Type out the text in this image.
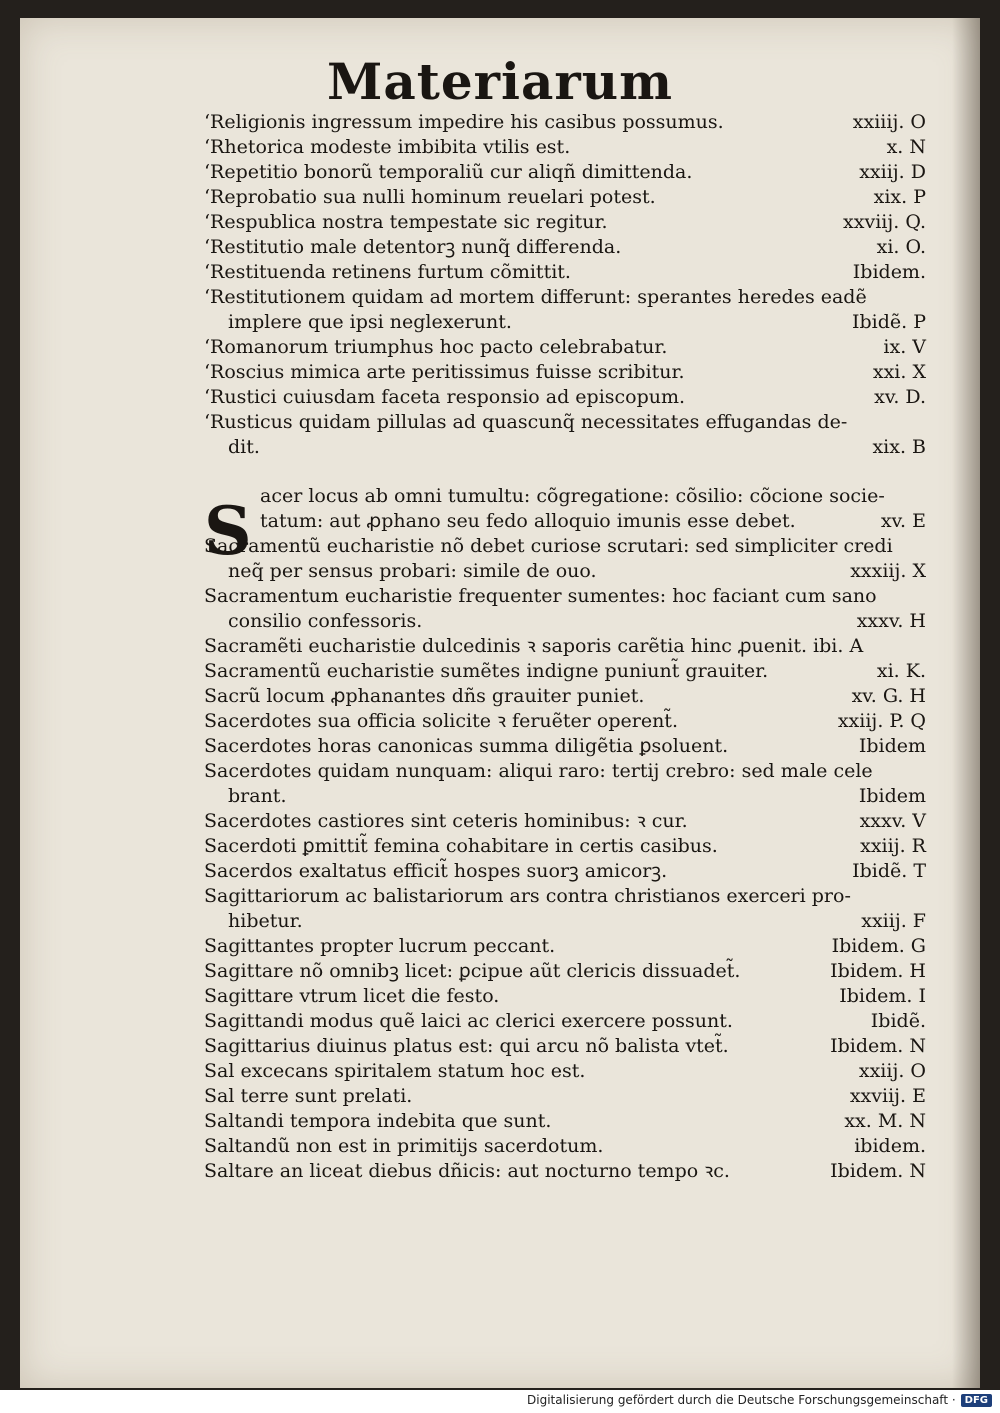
Materiarum
S
ʻReligionis ingressum impedire his casibus possumus.	xxiiij. O
ʻRhetorica modeste imbibita vtilis est.	x. N
ʻRepetitio bonorũ temporaliũ cur aliqñ dimittenda.	xxiij. D
ʻReprobatio sua nulli hominum reuelari potest.	xix. P
ʻRespublica nostra tempestate sic regitur.	xxviij. Q.
ʻRestitutio male detentorꝫ nunq̃ differenda.	xi. O.
ʻRestituenda retinens furtum cõmittit.	Ibidem.
ʻRestitutionem quidam ad mortem differunt: sperantes heredes eadẽ
implere que ipsi neglexerunt.	Ibidẽ. P
ʻRomanorum triumphus hoc pacto celebrabatur.	ix. V
ʻRoscius mimica arte peritissimus fuisse scribitur.	xxi. X
ʻRustici cuiusdam faceta responsio ad episcopum.	xv. D.
ʻRusticus quidam pillulas ad quascunq̃ necessitates effugandas de-
dit.	xix. B
acer locus ab omni tumultu: cõgregatione: cõsilio: cõcione socie-
tatum: aut ꝓphano seu fedo alloquio imunis esse debet.	xv. E
Sacramentũ eucharistie nõ debet curiose scrutari: sed simpliciter credi
neq̃ per sensus probari: simile de ouo.	xxxiij. X
Sacramentum eucharistie frequenter sumentes: hoc faciant cum sano
consilio confessoris.	xxxv. H
Sacramẽti eucharistie dulcedinis ꝛ saporis carẽtia hinc ꝓuenit. ibi. A
Sacramentũ eucharistie sumẽtes indigne puniunt̃ grauiter.	xi. K.
Sacrũ locum ꝓphanantes dñs grauiter puniet.	xv. G. H
Sacerdotes sua officia solicite ꝛ feruẽter operent̃.	xxiij. P. Q
Sacerdotes horas canonicas summa diligẽtia ꝑsoluent.	Ibidem
Sacerdotes quidam nunquam: aliqui raro: tertij crebro: sed male cele
brant.	Ibidem
Sacerdotes castiores sint ceteris hominibus: ꝛ cur.	xxxv. V
Sacerdoti ꝑmittit̃ femina cohabitare in certis casibus.	xxiij. R
Sacerdos exaltatus efficit̃ hospes suorꝫ amicorꝫ.	Ibidẽ. T
Sagittariorum ac balistariorum ars contra christianos exerceri pro-
hibetur.	xxiij. F
Sagittantes propter lucrum peccant.	Ibidem. G
Sagittare nõ omnibꝫ licet: ꝑcipue aũt clericis dissuadet̃.	Ibidem. H
Sagittare vtrum licet die festo.	Ibidem. I
Sagittandi modus quẽ laici ac clerici exercere possunt.	Ibidẽ.
Sagittarius diuinus platus est: qui arcu nõ balista vtet̃.	Ibidem. N
Sal excecans spiritalem statum hoc est.	xxiij. O
Sal terre sunt prelati.	xxviij. E
Saltandi tempora indebita que sunt.	xx. M. N
Saltandũ non est in primitijs sacerdotum.	ibidem.
Saltare an liceat diebus dñicis: aut nocturno tempo ꝛc.	Ibidem. N
Digitalisierung gefördert durch die Deutsche Forschungsgemeinschaft · DFG
